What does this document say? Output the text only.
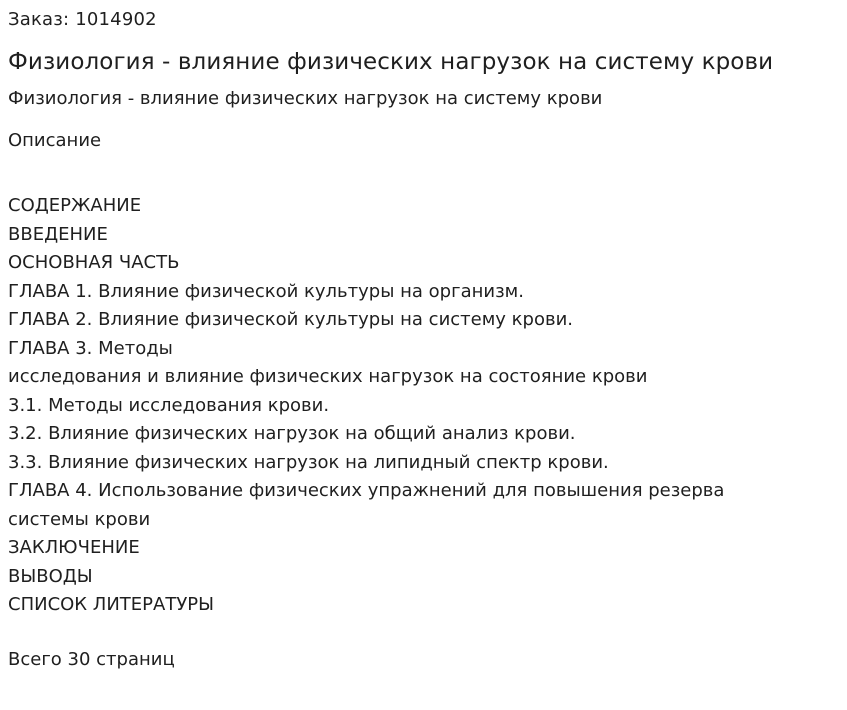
Заказ: 1014902
Физиология - влияние физических нагрузок на систему крови
Физиология - влияние физических нагрузок на систему крови
Описание
СОДЕРЖАНИЕ
ВВЕДЕНИЕ
ОСНОВНАЯ ЧАСТЬ
ГЛАВА 1. Влияние физической культуры на организм.
ГЛАВА 2. Влияние физической культуры на систему крови.
ГЛАВА 3. Методы
исследования и влияние физических нагрузок на состояние крови
3.1. Методы исследования крови.
3.2. Влияние физических нагрузок на общий анализ крови.
3.3. Влияние физических нагрузок на липидный спектр крови.
ГЛАВА 4. Использование физических упражнений для повышения резерва
системы крови
ЗАКЛЮЧЕНИЕ
ВЫВОДЫ
СПИСОК ЛИТЕРАТУРЫ
Всего 30 страниц
